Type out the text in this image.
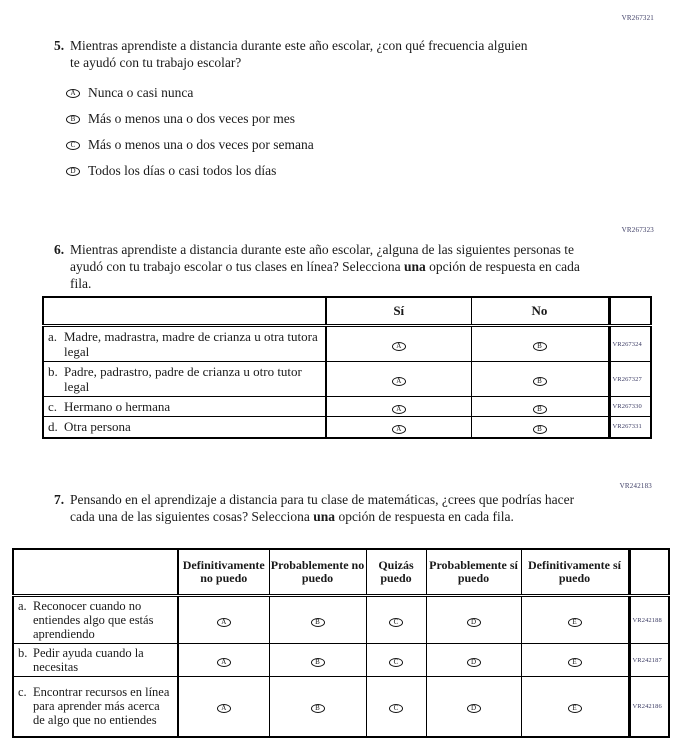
VR267321
5. Mientras aprendiste a distancia durante este año escolar, ¿con qué frecuencia alguien te ayudó con tu trabajo escolar?
A Nunca o casi nunca
B Más o menos una o dos veces por mes
C Más o menos una o dos veces por semana
D Todos los días o casi todos los días
VR267323
6. Mientras aprendiste a distancia durante este año escolar, ¿alguna de las siguientes personas te ayudó con tu trabajo escolar o tus clases en línea? Selecciona una opción de respuesta en cada fila.
	Sí	No	

a. Madre, madrastra, madre de crianza u otra tutora legal	A	B	VR267324

b. Padre, padrastro, padre de crianza u otro tutor legal	A	B	VR267327

c. Hermano o hermana	A	B	VR267330

d. Otra persona	A	B	VR267331
VR242183
7. Pensando en el aprendizaje a distancia para tu clase de matemáticas, ¿crees que podrías hacer cada una de las siguientes cosas? Selecciona una opción de respuesta en cada fila.
	Definitivamente no puedo	Probablemente no puedo	Quizás puedo	Probablemente sí puedo	Definitivamente sí puedo	

a. Reconocer cuando no entiendes algo que estás aprendiendo	A	B	C	D	E	VR242188

b. Pedir ayuda cuando la necesitas	A	B	C	D	E	VR242187

c. Encontrar recursos en línea para aprender más acerca de algo que no entiendes	A	B	C	D	E	VR242186
